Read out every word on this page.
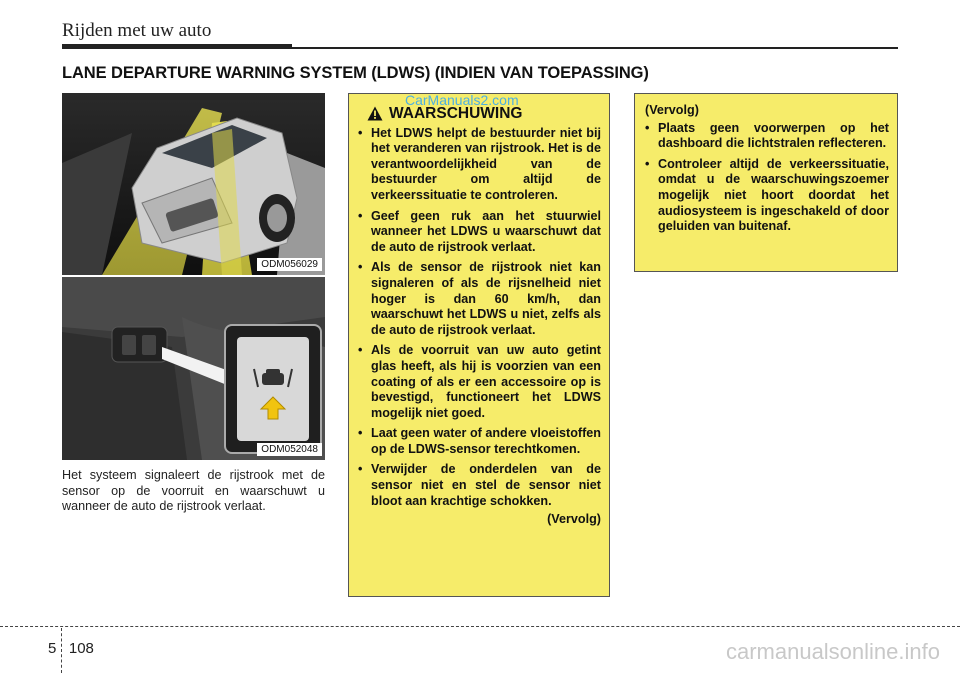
Rijden met uw auto
LANE DEPARTURE WARNING SYSTEM (LDWS) (INDIEN VAN TOEPASSING)
ODM056029
ODM052048
Het systeem signaleert de rijstrook met de sensor op de voorruit en waarschuwt u wanneer de auto de rijstrook verlaat.
WAARSCHUWING
• Het LDWS helpt de bestuurder niet bij het veranderen van rijstrook. Het is de verantwoordelijkheid van de bestuurder om altijd de verkeerssituatie te controleren.
• Geef geen ruk aan het stuurwiel wanneer het LDWS u waarschuwt dat de auto de rijstrook verlaat.
• Als de sensor de rijstrook niet kan signaleren of als de rijsnelheid niet hoger is dan 60 km/h, dan waarschuwt het LDWS u niet, zelfs als de auto de rijstrook verlaat.
• Als de voorruit van uw auto getint glas heeft, als hij is voorzien van een coating of als er een accessoire op is bevestigd, functioneert het LDWS mogelijk niet goed.
• Laat geen water of andere vloeistoffen op de LDWS-sensor terechtkomen.
• Verwijder de onderdelen van de sensor niet en stel de sensor niet bloot aan krachtige schokken.
(Vervolg)
CarManuals2.com
(Vervolg)
• Plaats geen voorwerpen op het dashboard die lichtstralen reflecteren.
• Controleer altijd de verkeerssituatie, omdat u de waarschuwingszoemer mogelijk niet hoort doordat het audiosysteem is ingeschakeld of door geluiden van buitenaf.
5 108	carmanualsonline.info
